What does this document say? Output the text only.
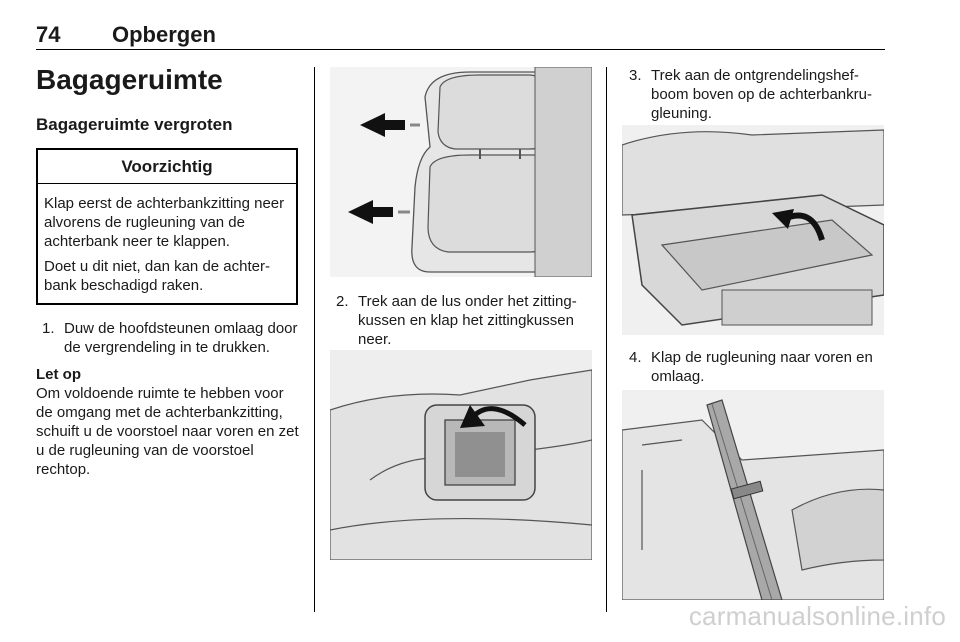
74 Opbergen
Bagageruimte
Bagageruimte vergroten
Voorzichtig

Klap eerst de achterbankzitting neer alvorens de rugleuning van de achterbank neer te klappen.

Doet u dit niet, dan kan de achterbank beschadigd raken.

1. Duw de hoofdsteunen omlaag door de vergrendeling in te drukken.
Let op
Om voldoende ruimte te hebben voor de omgang met de achterbankzitting, schuift u de voorstoel naar voren en zet u de rugleuning van de voorstoel rechtop.
2. Trek aan de lus onder het zittingkussen en klap het zittingkussen neer.
3. Trek aan de ontgrendelingshefboom boven op de achterbankrugleuning.
4. Klap de rugleuning naar voren en omlaag.
carmanualsonline.info
